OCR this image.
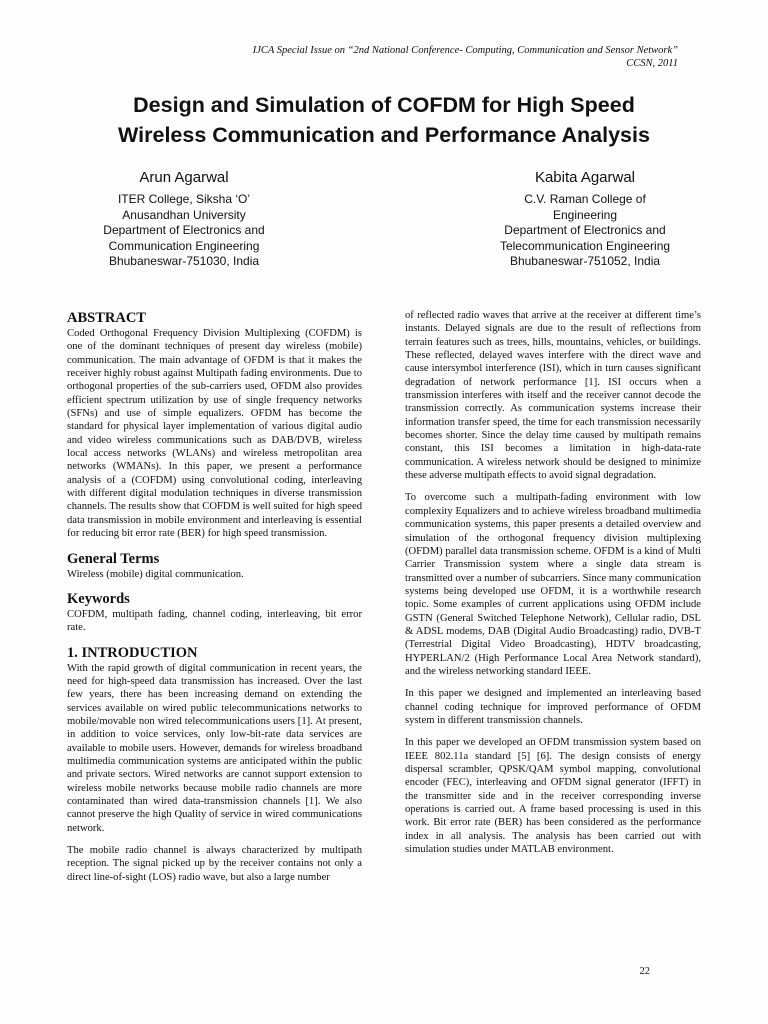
IJCA Special Issue on “2nd National Conference- Computing, Communication and Sensor Network”
CCSN, 2011
Design and Simulation of COFDM for High Speed
Wireless Communication and Performance Analysis
Arun Agarwal
ITER College, Siksha ‘O’
Anusandhan University
Department of Electronics and
Communication Engineering
Bhubaneswar-751030, India
Kabita Agarwal
C.V. Raman College of
Engineering
Department of Electronics and
Telecommunication Engineering
Bhubaneswar-751052, India
ABSTRACT

Coded Orthogonal Frequency Division Multiplexing (COFDM) is one of the dominant techniques of present day wireless (mobile) communication. The main advantage of OFDM is that it makes the receiver highly robust against Multipath fading environments. Due to orthogonal properties of the sub-carriers used, OFDM also provides efficient spectrum utilization by use of single frequency networks (SFNs) and use of simple equalizers. OFDM has become the standard for physical layer implementation of various digital audio and video wireless communications such as DAB/DVB, wireless local access networks (WLANs) and wireless metropolitan area networks (WMANs). In this paper, we present a performance analysis of a (COFDM) using convolutional coding, interleaving with different digital modulation techniques in diverse transmission channels. The results show that COFDM is well suited for high speed data transmission in mobile environment and interleaving is essential for reducing bit error rate (BER) for high speed transmission.

General Terms

Wireless (mobile) digital communication.

Keywords

COFDM, multipath fading, channel coding, interleaving, bit error rate.

1. INTRODUCTION

With the rapid growth of digital communication in recent years, the need for high-speed data transmission has increased. Over the last few years, there has been increasing demand on extending the services available on wired public telecommunications networks to mobile/movable non wired telecommunications users [1]. At present, in addition to voice services, only low-bit-rate data services are available to mobile users. However, demands for wireless broadband multimedia communication systems are anticipated within the public and private sectors. Wired networks are cannot support extension to wireless mobile networks because mobile radio channels are more contaminated than wired data-transmission channels [1]. We also cannot preserve the high Quality of service in wired communications network.

The mobile radio channel is always characterized by multipath reception. The signal picked up by the receiver contains not only a direct line-of-sight (LOS) radio wave, but also a large number

of reflected radio waves that arrive at the receiver at different time’s instants. Delayed signals are due to the result of reflections from terrain features such as trees, hills, mountains, vehicles, or buildings. These reflected, delayed waves interfere with the direct wave and cause intersymbol interference (ISI), which in turn causes significant degradation of network performance [1]. ISI occurs when a transmission interferes with itself and the receiver cannot decode the transmission correctly. As communication systems increase their information transfer speed, the time for each transmission necessarily becomes shorter. Since the delay time caused by multipath remains constant, this ISI becomes a limitation in high-data-rate communication. A wireless network should be designed to minimize these adverse multipath effects to avoid signal degradation.

To overcome such a multipath-fading environment with low complexity Equalizers and to achieve wireless broadband multimedia communication systems, this paper presents a detailed overview and simulation of the orthogonal frequency division multiplexing (OFDM) parallel data transmission scheme. OFDM is a kind of Multi Carrier Transmission system where a single data stream is transmitted over a number of subcarriers. Since many communication systems being developed use OFDM, it is a worthwhile research topic. Some examples of current applications using OFDM include GSTN (General Switched Telephone Network), Cellular radio, DSL & ADSL modems, DAB (Digital Audio Broadcasting) radio, DVB-T (Terrestrial Digital Video Broadcasting), HDTV broadcasting, HYPERLAN/2 (High Performance Local Area Network standard), and the wireless networking standard IEEE.

In this paper we designed and implemented an interleaving based channel coding technique for improved performance of OFDM system in different transmission channels.

In this paper we developed an OFDM transmission system based on IEEE 802.11a standard [5] [6]. The design consists of energy dispersal scrambler, QPSK/QAM symbol mapping, convolutional encoder (FEC), interleaving and OFDM signal generator (IFFT) in the transmitter side and in the receiver corresponding inverse operations is carried out. A frame based processing is used in this work. Bit error rate (BER) has been considered as the performance index in all analysis. The analysis has been carried out with simulation studies under MATLAB environment.

22
